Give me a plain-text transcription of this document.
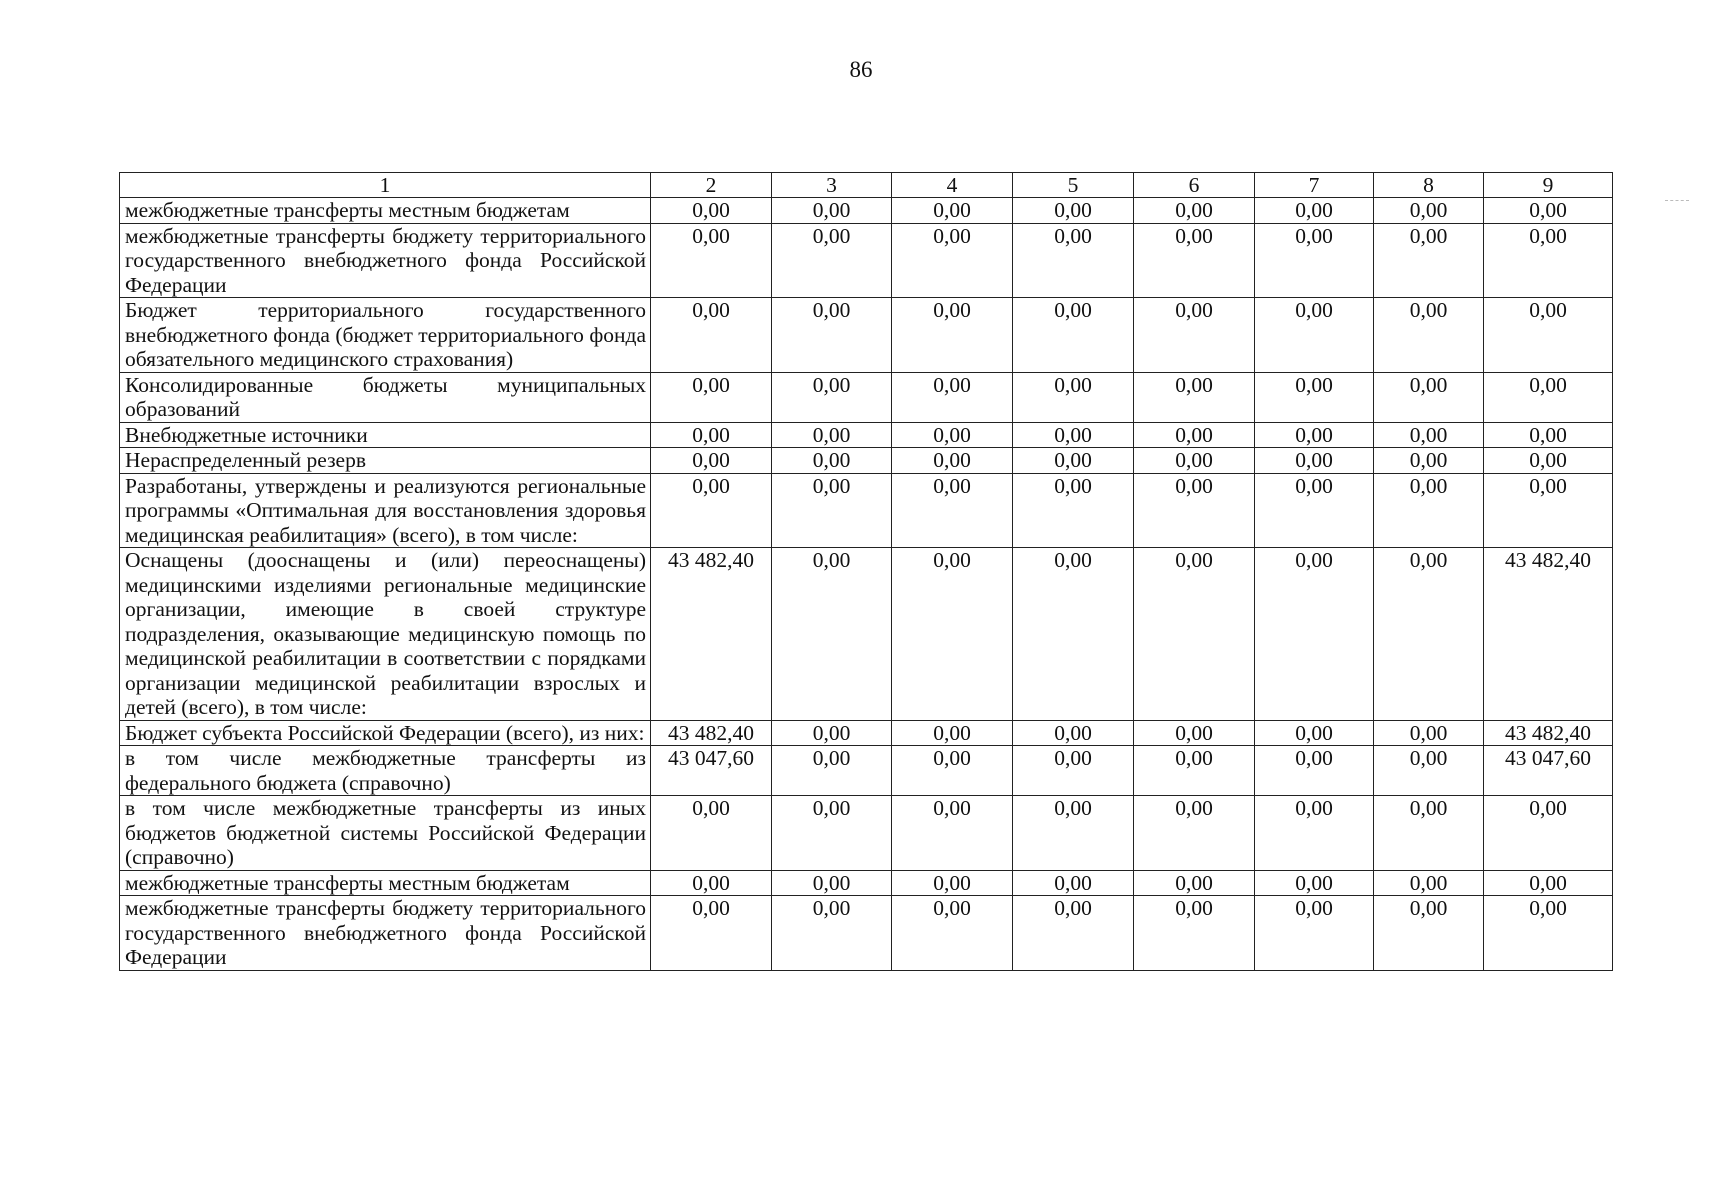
86
1	2	3	4	5	6	7	8	9
межбюджетные трансферты местным бюджетам	0,00	0,00	0,00	0,00	0,00	0,00	0,00	0,00
межбюджетные трансферты бюджету территориального государственного внебюджетного фонда Российской Федерации	0,00	0,00	0,00	0,00	0,00	0,00	0,00	0,00
Бюджет территориального государственного внебюджетного фонда (бюджет территориального фонда обязательного медицинского страхования)	0,00	0,00	0,00	0,00	0,00	0,00	0,00	0,00
Консолидированные бюджеты муниципальных образований	0,00	0,00	0,00	0,00	0,00	0,00	0,00	0,00
Внебюджетные источники	0,00	0,00	0,00	0,00	0,00	0,00	0,00	0,00
Нераспределенный резерв	0,00	0,00	0,00	0,00	0,00	0,00	0,00	0,00
Разработаны, утверждены и реализуются региональные программы «Оптимальная для восстановления здоровья медицинская реабилитация» (всего), в том числе:	0,00	0,00	0,00	0,00	0,00	0,00	0,00	0,00
Оснащены (дооснащены и (или) переоснащены) медицинскими изделиями региональные медицинские организации, имеющие в своей структуре подразделения, оказывающие медицинскую помощь по медицинской реабилитации в соответствии с порядками организации медицинской реабилитации взрослых и детей (всего), в том числе:	43 482,40	0,00	0,00	0,00	0,00	0,00	0,00	43 482,40
Бюджет субъекта Российской Федерации (всего), из них:	43 482,40	0,00	0,00	0,00	0,00	0,00	0,00	43 482,40
в том числе межбюджетные трансферты из федерального бюджета (справочно)	43 047,60	0,00	0,00	0,00	0,00	0,00	0,00	43 047,60
в том числе межбюджетные трансферты из иных бюджетов бюджетной системы Российской Федерации (справочно)	0,00	0,00	0,00	0,00	0,00	0,00	0,00	0,00
межбюджетные трансферты местным бюджетам	0,00	0,00	0,00	0,00	0,00	0,00	0,00	0,00
межбюджетные трансферты бюджету территориального государственного внебюджетного фонда Российской Федерации	0,00	0,00	0,00	0,00	0,00	0,00	0,00	0,00
